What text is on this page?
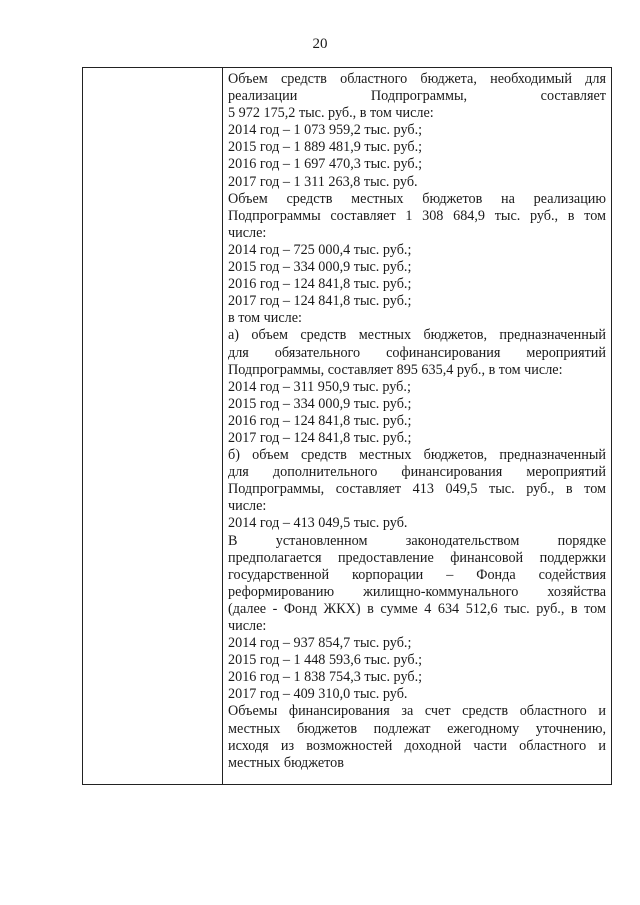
20
Объем средств областного бюджета, необходимый для
реализации Подпрограммы, составляет
5 972 175,2 тыс. руб., в том числе:
2014 год – 1 073 959,2 тыс. руб.;
2015 год – 1 889 481,9 тыс. руб.;
2016 год – 1 697 470,3 тыс. руб.;
2017 год – 1 311 263,8 тыс. руб.
Объем средств местных бюджетов на реализацию
Подпрограммы составляет 1 308 684,9 тыс. руб., в том
числе:
2014 год – 725 000,4 тыс. руб.;
2015 год – 334 000,9 тыс. руб.;
2016 год – 124 841,8 тыс. руб.;
2017 год – 124 841,8 тыс. руб.;
в том числе:
а) объем средств местных бюджетов, предназначенный
для обязательного софинансирования мероприятий
Подпрограммы, составляет 895 635,4 руб., в том числе:
2014 год – 311 950,9 тыс. руб.;
2015 год – 334 000,9 тыс. руб.;
2016 год – 124 841,8 тыс. руб.;
2017 год – 124 841,8 тыс. руб.;
б) объем средств местных бюджетов, предназначенный
для дополнительного финансирования мероприятий
Подпрограммы, составляет 413 049,5 тыс. руб., в том
числе:
2014 год – 413 049,5 тыс. руб.
В установленном законодательством порядке
предполагается предоставление финансовой поддержки
государственной корпорации – Фонда содействия
реформированию жилищно-коммунального хозяйства
(далее - Фонд ЖКХ) в сумме 4 634 512,6 тыс. руб., в том
числе:
2014 год – 937 854,7 тыс. руб.;
2015 год – 1 448 593,6 тыс. руб.;
2016 год – 1 838 754,3 тыс. руб.;
2017 год – 409 310,0 тыс. руб.
Объемы финансирования за счет средств областного и
местных бюджетов подлежат ежегодному уточнению,
исходя из возможностей доходной части областного и
местных бюджетов
